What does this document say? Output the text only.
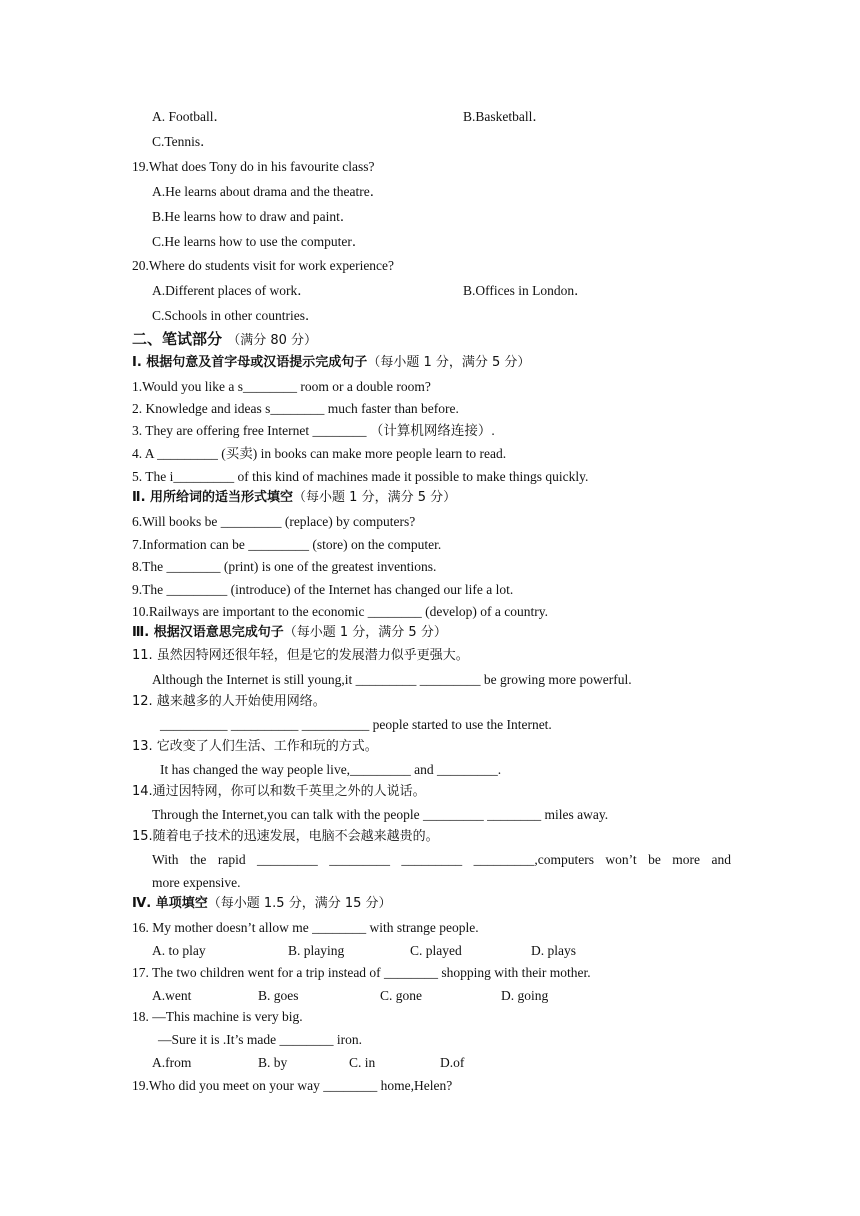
A. Football．	B.Basketball．
C.Tennis．
19.What does Tony do in his favourite class?
A.He learns about drama and the theatre．
B.He learns how to draw and paint．
C.He learns how to use the computer．
20.Where do students visit for work experience?
A.Different places of work．	B.Offices in London．
C.Schools in other countries．
二、笔试部分 （满分 80 分）
Ⅰ. 根据句意及首字母或汉语提示完成句子（每小题 1 分，满分 5 分）
1.Would you like a s________ room or a double room?
2. Knowledge and ideas s________ much faster than before.
3. They are offering free Internet ________ （计算机网络连接）.
4. A _________ (买卖) in books can make more people learn to read.
5. The i_________ of this kind of machines made it possible to make things quickly.
Ⅱ. 用所给词的适当形式填空（每小题 1 分，满分 5 分）
6.Will books be _________ (replace) by computers?
7.Information can be _________ (store) on the computer.
8.The ________ (print) is one of the greatest inventions.
9.The _________ (introduce) of the Internet has changed our life a lot.
10.Railways are important to the economic ________ (develop) of a country.
Ⅲ. 根据汉语意思完成句子（每小题 1 分，满分 5 分）
11. 虽然因特网还很年轻，但是它的发展潜力似乎更强大。
Although the Internet is still young,it _________ _________ be growing more powerful.
12. 越来越多的人开始使用网络。
__________ __________ __________ people started to use the Internet.
13. 它改变了人们生活、工作和玩的方式。
It has changed the way people live,_________ and _________.
14.通过因特网，你可以和数千英里之外的人说话。
Through the Internet,you can talk with the people _________ ________ miles away.
15.随着电子技术的迅速发展，电脑不会越来越贵的。
With the rapid _________ _________ _________ _________,computers won’t be more and
more expensive.
Ⅳ. 单项填空（每小题 1.5 分，满分 15 分）
16. My mother doesn’t allow me ________ with strange people.
A. to play	B. playing	C. played	D. plays
17. The two children went for a trip instead of ________ shopping with their mother.
A.went	B. goes	C. gone	D. going
18. —This machine is very big.
—Sure it is .It’s made ________ iron.
A.from	B. by	C. in	D.of
19.Who did you meet on your way ________ home,Helen?
